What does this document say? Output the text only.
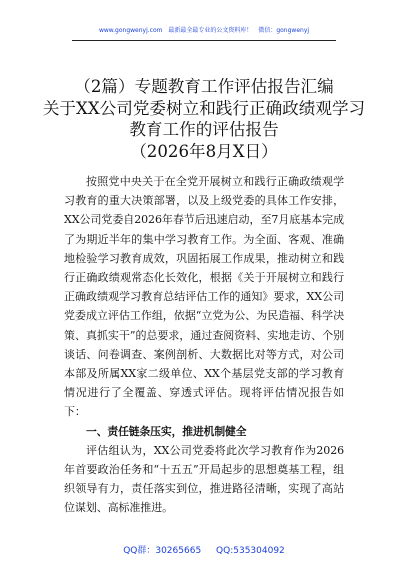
www.gongwenyj.com 最新最全最专业的公文资料库！ 微信：gongwenyj
（2篇）专题教育工作评估报告汇编
关于XX公司党委树立和践行正确政绩观学习
教育工作的评估报告
（2026年8月X日）

按照党中央关于在全党开展树立和践行正确政绩观学习教育的重大决策部署，以及上级党委的具体工作安排，XX公司党委自2026年春节后迅速启动，至7月底基本完成了为期近半年的集中学习教育工作。为全面、客观、准确地检验学习教育成效，巩固拓展工作成果，推动树立和践行正确政绩观常态化长效化，根据《关于开展树立和践行正确政绩观学习教育总结评估工作的通知》要求，XX公司党委成立评估工作组，依据“立党为公、为民造福、科学决策、真抓实干”的总要求，通过查阅资料、实地走访、个别谈话、问卷调查、案例剖析、大数据比对等方式，对公司本部及所属XX家二级单位、XX个基层党支部的学习教育情况进行了全覆盖、穿透式评估。现将评估情况报告如下：

一、责任链条压实，推进机制健全

评估组认为，XX公司党委将此次学习教育作为2026年首要政治任务和“十五五”开局起步的思想奠基工程，组织领导有力，责任落实到位，推进路径清晰，实现了高站位谋划、高标准推进。

QQ群：30265665 QQ:535304092
